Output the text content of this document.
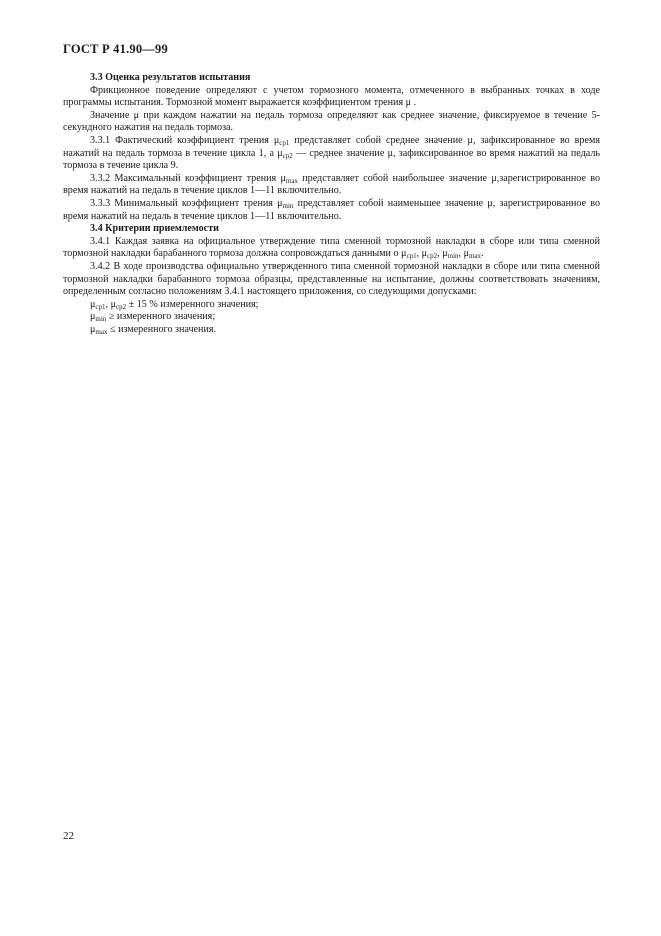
ГОСТ Р 41.90—99

3.3 Оценка результатов испытания

Фрикционное поведение определяют с учетом тормозного момента, отмеченного в выбранных точках в ходе программы испытания. Тормозной момент выражается коэффициентом трения μ .

Значение μ при каждом нажатии на педаль тормоза определяют как среднее значение, фиксируемое в течение 5-секундного нажатия на педаль тормоза.

3.3.1 Фактический коэффициент трения $\mu_{ср1}$ представляет собой среднее значение μ, зафиксированное во время нажатий на педаль тормоза в течение цикла 1, а $\mu_{ср2}$ — среднее значение μ, зафиксированное во время нажатий на педаль тормоза в течение цикла 9.

3.3.2 Максимальный коэффициент трения $\mu_{max}$ представляет собой наибольшее значение μ,зарегистрированное во время нажатий на педаль в течение циклов 1—11 включительно.

3.3.3 Минимальный коэффициент трения $\mu_{min}$ представляет собой наименьшее значение μ, зарегистрированное во время нажатий на педаль в течение циклов 1—11 включительно.

3.4 Критерии приемлемости

3.4.1 Каждая заявка на официальное утверждение типа сменной тормозной накладки в сборе или типа сменной тормозной накладки барабанного тормоза должна сопровождаться данными о $\mu_{ср1}$, $\mu_{ср2}$, $\mu_{min}$, $\mu_{max}$.

3.4.2 В ходе производства официально утвержденного типа сменной тормозной накладки в сборе или типа сменной тормозной накладки барабанного тормоза образцы, представленные на испытание, должны соответствовать значениям, определенным согласно положениям 3.4.1 настоящего приложения, со следующими допусками:

$\mu_{ср1}$, $\mu_{ср2} \pm 15$ % измеренного значения;

$\mu_{min}$ ≥ измеренного значения;

$\mu_{max}$ ≤ измеренного значения.

22
